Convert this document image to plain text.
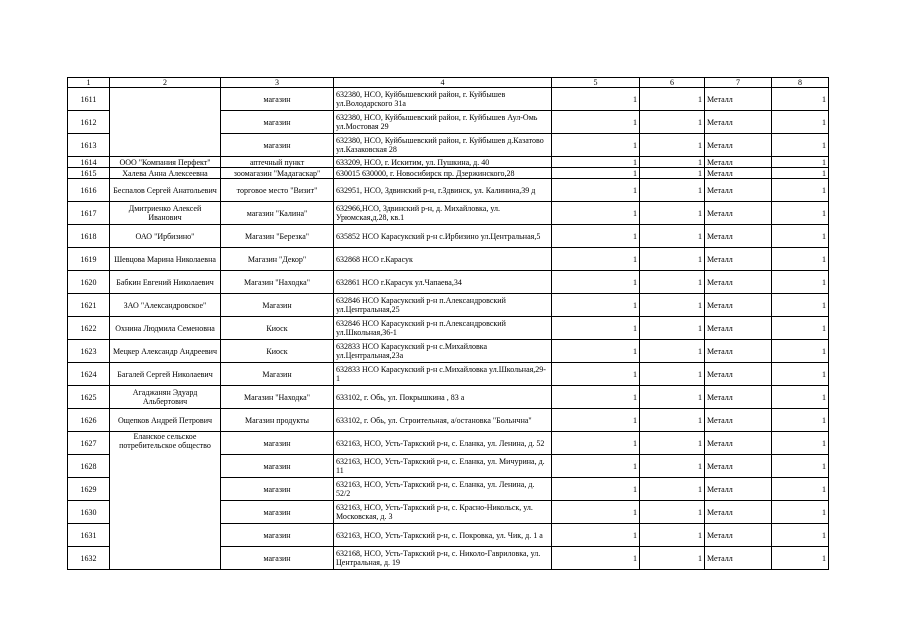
1	2	3	4	5	6	7	8

1611		магазин	632380, НСО, Куйбышевский район, г. Куйбышев ул.Володарского 31а	1	1	Металл	1

1612		магазин	632380, НСО, Куйбышевский район, г. Куйбышев Аул-Омь ул.Мостовая 29	1	1	Металл	1

1613		магазин	632380, НСО, Куйбышевский район, г. Куйбышев д.Казатово ул.Казаковская 28	1	1	Металл	1

1614	ООО "Компания Перфект"	аптечный пункт	633209, НСО, г. Искитим, ул. Пушкина, д. 40	1	1	Металл	1

1615	Халева Анна Алексеевна	зоомагазин "Мадагаскар"	630015 630000, г. Новосибирск пр. Дзержинского,28	1	1	Металл	1

1616	Беспалов Сергей Анатольевич	торговое место "Визит"	632951, НСО, Здвинский р-н, г.Здвинск, ул. Калинина,39 д	1	1	Металл	1

1617	Дмитриенко Алексей Иванович	магазин "Калина"	632966,НСО, Здвинский р-н, д. Михайловка, ул. Урюмская,д.28, кв.1	1	1	Металл	1

1618	ОАО "Ирбизино"	Магазин "Березка"	635852 НСО Карасукский р-н с.Ирбизино ул.Центральная,5	1	1	Металл	1

1619	Шевцова Марина Николаевна	Магазин "Декор"	632868 НСО г.Карасук	1	1	Металл	1

1620	Бабкин Евгений Николаевич	Магазин "Находка"	632861 НСО г.Карасук ул.Чапаева,34	1	1	Металл	1

1621	ЗАО "Александровское"	Магазин	632846 НСО Карасукский р-н п.Александровский ул.Центральная,25	1	1	Металл	1

1622	Охнина Людмила Семеновна	Киоск	632846 НСО Карасукский р-н п.Александровский ул.Школьная,36-1	1	1	Металл	1

1623	Мецкер Александр Андреевич	Киоск	632833 НСО Карасукский р-н с.Михайловка ул.Центральная,23а	1	1	Металл	1

1624	Багалей Сергей Николаевич	Магазин	632833 НСО Карасукский р-н с.Михайловка ул.Школьная,29-1	1	1	Металл	1

1625	Агаджанян Эдуард Альбертович	Магазин "Находка"	633102, г. Обь, ул. Покрышкина , 83 а	1	1	Металл	1

1626	Ощепков Андрей Петрович	Магазин продукты	633102, г. Обь, ул. Строительная, а/остановка "Больнчна"	1	1	Металл	1

1627	Еланское сельское потребительское общество	магазин	632163, НСО, Усть-Таркский р-н, с. Еланка, ул. Ленина, д. 52	1	1	Металл	1

1628		магазин	632163, НСО, Усть-Таркский р-н, с. Еланка, ул. Мичурина, д. 11	1	1	Металл	1

1629		магазин	632163, НСО, Усть-Таркский р-н, с. Еланка, ул. Ленина, д. 52/2	1	1	Металл	1

1630		магазин	632163, НСО, Усть-Таркский р-н, с. Красно-Никольск, ул. Московская, д. 3	1	1	Металл	1

1631		магазин	632163, НСО, Усть-Таркский р-н, с. Покровка, ул. Чик, д. 1 а	1	1	Металл	1

1632		магазин	632168, НСО, Усть-Таркский р-н, с. Николо-Гавриловка, ул. Центральная, д. 19	1	1	Металл	1
